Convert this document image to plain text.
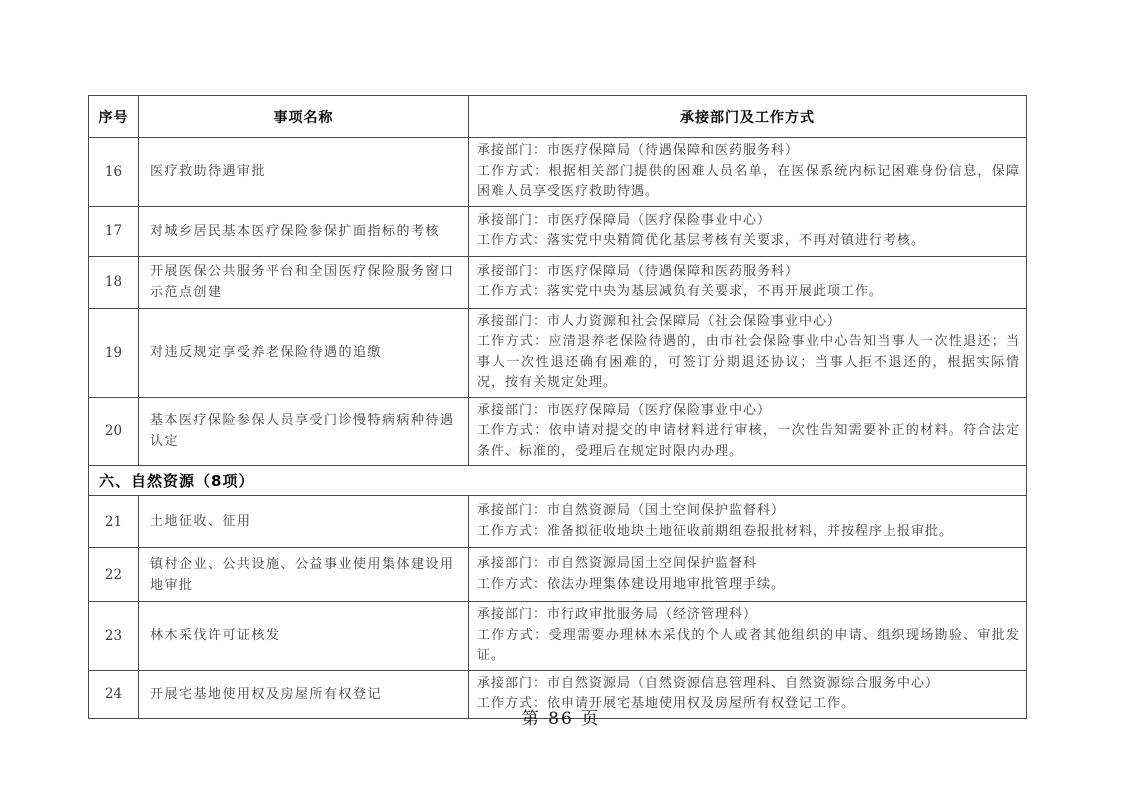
序号	事项名称	承接部门及工作方式
16	医疗救助待遇审批	承接部门：市医疗保障局（待遇保障和医药服务科）
工作方式：根据相关部门提供的困难人员名单，在医保系统内标记困难身份信息，保障困难人员享受医疗救助待遇。

17	对城乡居民基本医疗保险参保扩面指标的考核	承接部门：市医疗保障局（医疗保险事业中心）
工作方式：落实党中央精简优化基层考核有关要求，不再对镇进行考核。

18	开展医保公共服务平台和全国医疗保险服务窗口示范点创建	承接部门：市医疗保障局（待遇保障和医药服务科）
工作方式：落实党中央为基层减负有关要求，不再开展此项工作。

19	对违反规定享受养老保险待遇的追缴	承接部门：市人力资源和社会保障局（社会保险事业中心）
工作方式：应清退养老保险待遇的，由市社会保险事业中心告知当事人一次性退还；当事人一次性退还确有困难的，可签订分期退还协议；当事人拒不退还的，根据实际情况，按有关规定处理。

20	基本医疗保险参保人员享受门诊慢特病病种待遇认定	承接部门：市医疗保障局（医疗保险事业中心）
工作方式：依申请对提交的申请材料进行审核，一次性告知需要补正的材料。符合法定条件、标准的，受理后在规定时限内办理。

六、自然资源（8项）		
21	土地征收、征用	承接部门：市自然资源局（国土空间保护监督科）
工作方式：准备拟征收地块土地征收前期组卷报批材料，并按程序上报审批。

22	镇村企业、公共设施、公益事业使用集体建设用地审批	承接部门：市自然资源局国土空间保护监督科
工作方式：依法办理集体建设用地审批管理手续。

23	林木采伐许可证核发	承接部门：市行政审批服务局（经济管理科）
工作方式：受理需要办理林木采伐的个人或者其他组织的申请、组织现场勘验、审批发证。

24	开展宅基地使用权及房屋所有权登记	承接部门：市自然资源局（自然资源信息管理科、自然资源综合服务中心）
工作方式：依申请开展宅基地使用权及房屋所有权登记工作。
第 86 页
